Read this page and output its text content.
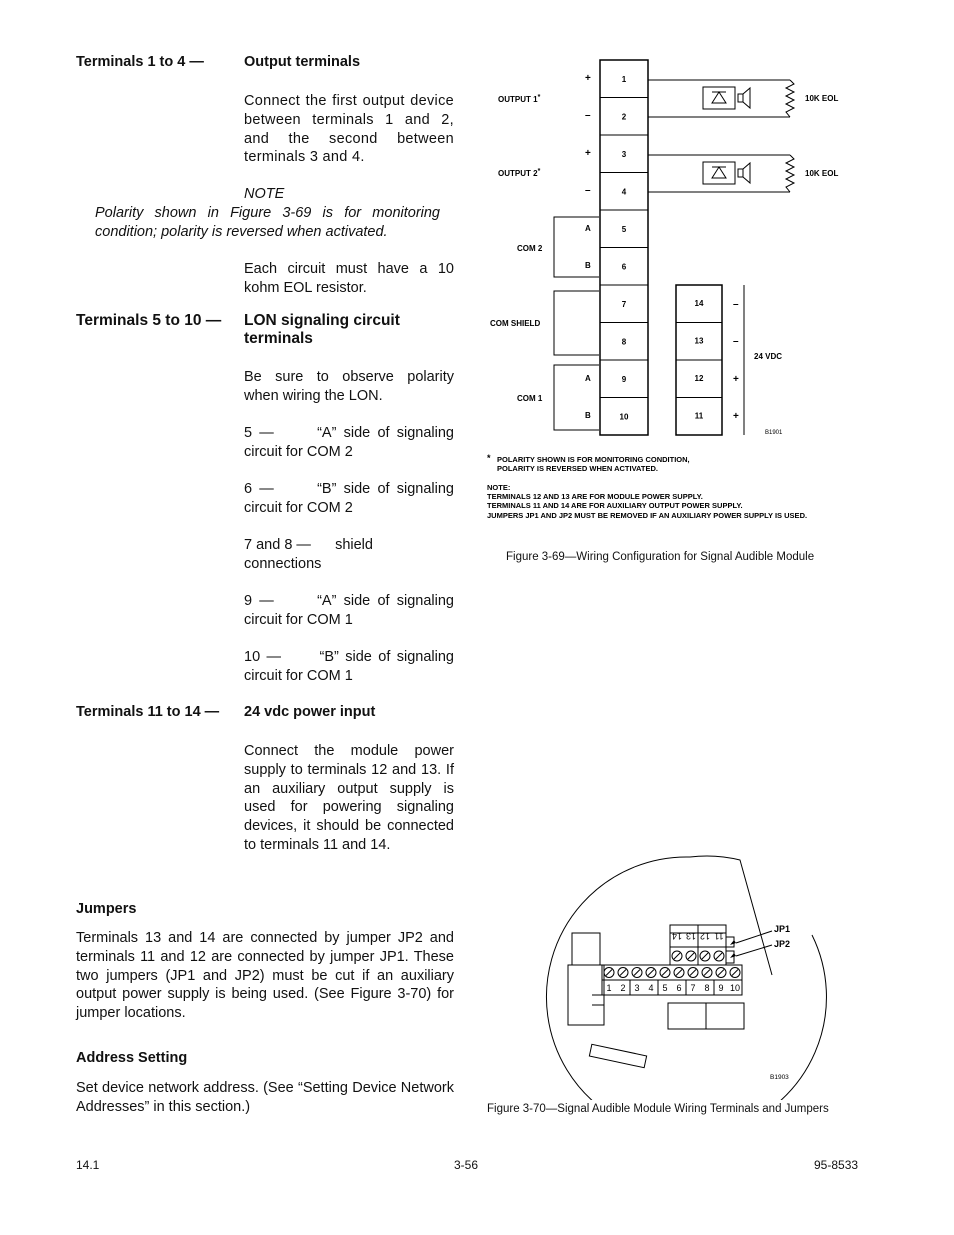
Terminals 1 to 4 —	Output terminals
Connect the first output device between terminals 1 and 2, and the second between terminals 3 and 4.
NOTE
Polarity shown in Figure 3-69 is for monitoring condition; polarity is reversed when activated.
Each circuit must have a 10 kohm EOL resistor.
Terminals 5 to 10 — LON signaling circuit terminals
Be sure to observe polarity when wiring the LON.
5 —      “A” side of signaling circuit for COM 2
6 —      “B” side of signaling circuit for COM 2
7 and 8 —      shield connections
9 —      “A” side of signaling circuit for COM 1
10 —      “B” side of signaling circuit for COM 1
Terminals 11 to 14 — 24 vdc power input
Connect the module power supply to terminals 12 and 13. If an auxiliary output supply is used for powering signaling devices, it should be connected to terminals 11 and 14.
Jumpers
Terminals 13 and 14 are connected by jumper JP2 and terminals 11 and 12 are connected by jumper JP1. These two jumpers (JP1 and JP2) must be cut if an auxiliary output power supply is being used. (See Figure 3-70) for jumper locations.
Address Setting
Set device network address. (See “Setting Device Network Addresses” in this section.)
1
2
3
4
5
6
7
8
9
10
14
13
12
11
OUTPUT 1*
OUTPUT 2*
COM 2
COM SHIELD
COM 1
+
–
+
–
A
B
A
B
–
–
+
+
24 VDC
B1901
10K EOL
10K EOL
* POLARITY SHOWN IS FOR MONITORING CONDITION,
POLARITY IS REVERSED WHEN ACTIVATED.
NOTE:
TERMINALS 12 AND 13 ARE FOR MODULE POWER SUPPLY.
TERMINALS 11 AND 14 ARE FOR AUXILIARY OUTPUT POWER SUPPLY.
JUMPERS JP1 AND JP2 MUST BE REMOVED IF AN AUXILIARY POWER SUPPLY IS USED.
Figure 3-69—Wiring Configuration for Signal Audible Module
14 13 12 11
JP1
JP2
1 2 3 4 5 6 7 8 9 10
B1903
Figure 3-70—Signal Audible Module Wiring Terminals and Jumpers
14.1	3-56	95-8533
